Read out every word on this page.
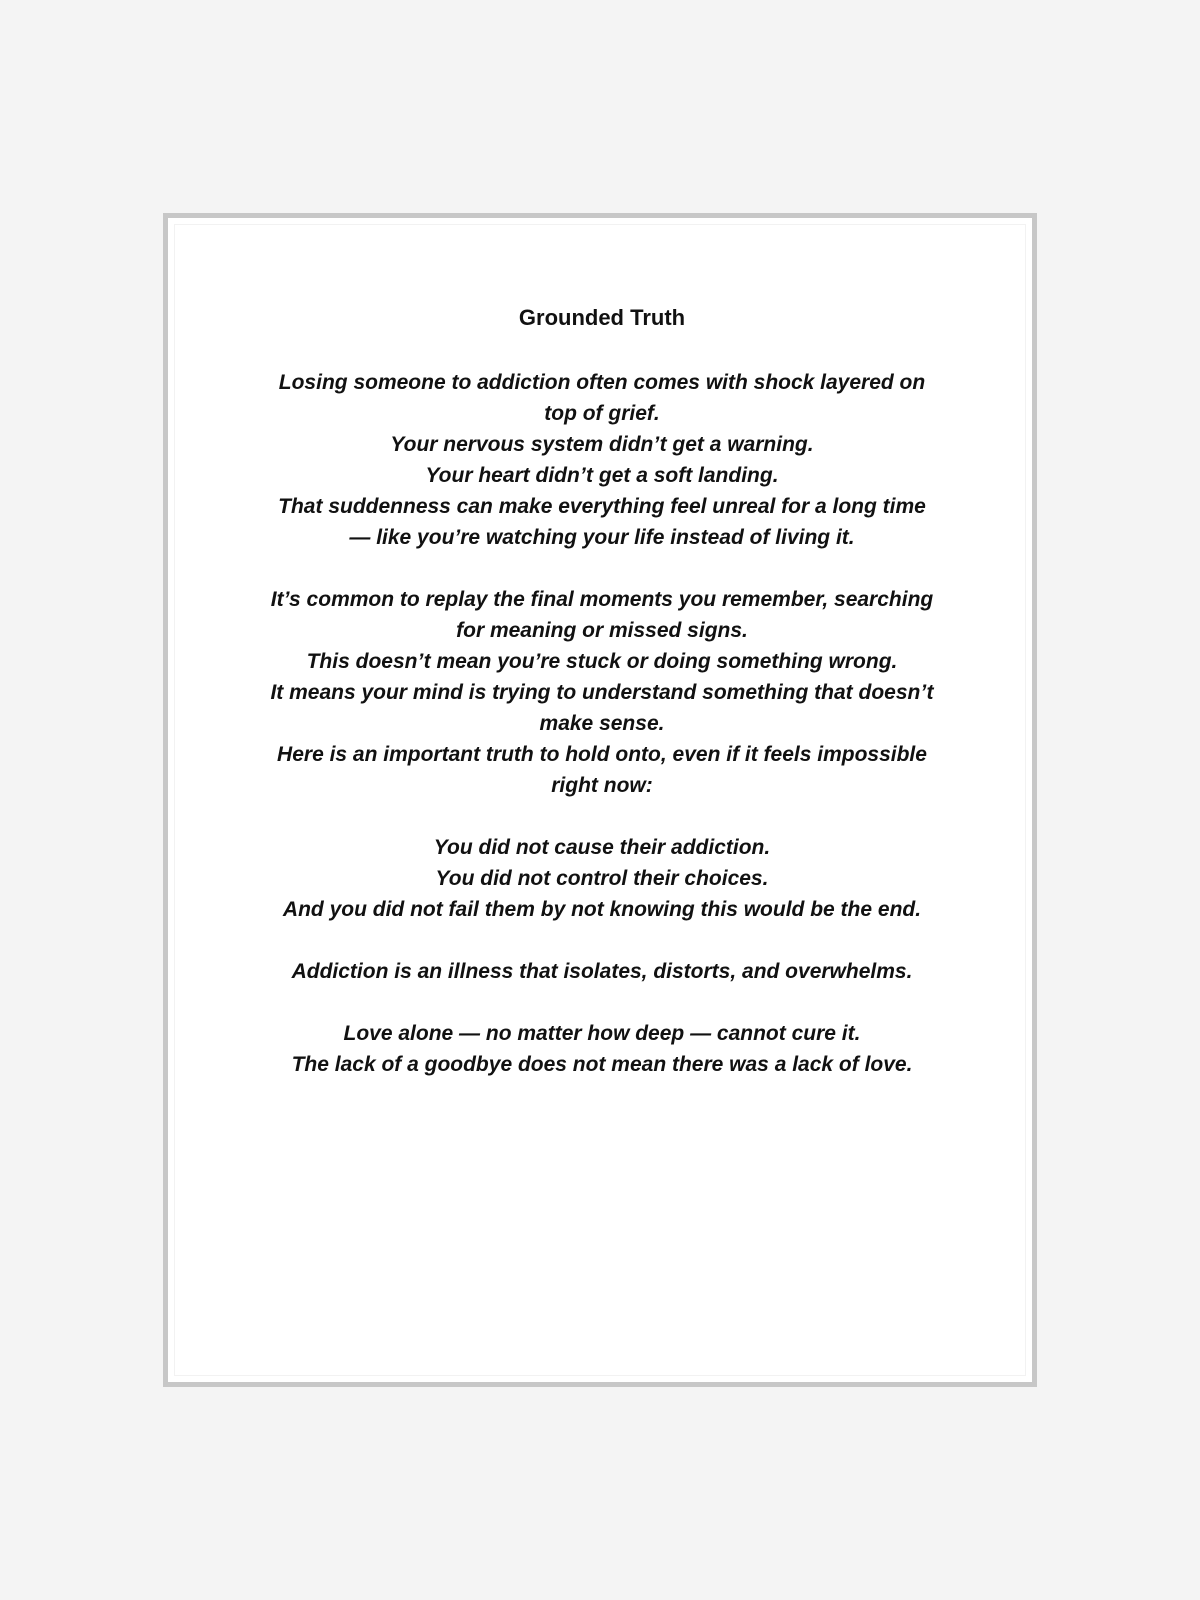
Grounded Truth
Losing someone to addiction often comes with shock layered on top of grief.
Your nervous system didn’t get a warning.
Your heart didn’t get a soft landing.
That suddenness can make everything feel unreal for a long time — like you’re watching your life instead of living it.
It’s common to replay the final moments you remember, searching for meaning or missed signs.
This doesn’t mean you’re stuck or doing something wrong.
It means your mind is trying to understand something that doesn’t make sense.
Here is an important truth to hold onto, even if it feels impossible right now:
You did not cause their addiction.
You did not control their choices.
And you did not fail them by not knowing this would be the end.
Addiction is an illness that isolates, distorts, and overwhelms.
Love alone — no matter how deep — cannot cure it.
The lack of a goodbye does not mean there was a lack of love.
